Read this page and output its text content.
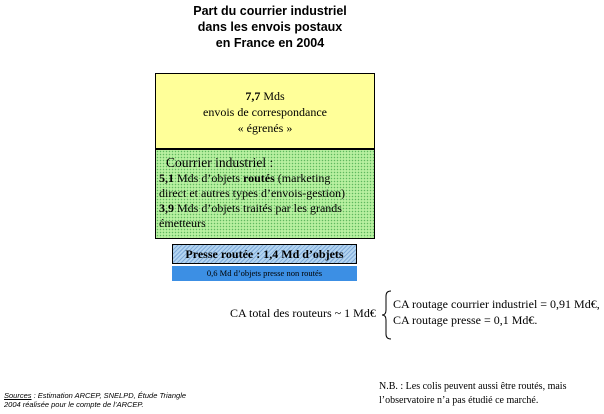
Part du courrier industriel
dans les envois postaux
en France en 2004
7,7 Mds
envois de correspondance
« égrenés »
Courrier industriel :
5,1 Mds d’objets routés (marketing
direct et autres types d’envois-gestion)
3,9 Mds d’objets traités par les grands
émetteurs
Presse routée : 1,4 Md d’objets
0,6 Md d’objets presse non routés
CA total des routeurs ~ 1 Md€
CA routage courrier industriel = 0,91 Md€,
CA routage presse = 0,1 Md€.
Sources : Estimation ARCEP, SNELPD, Étude Triangle
2004 réalisée pour le compte de l’ARCEP.
N.B. : Les colis peuvent aussi être routés, mais
l’observatoire n’a pas étudié ce marché.
